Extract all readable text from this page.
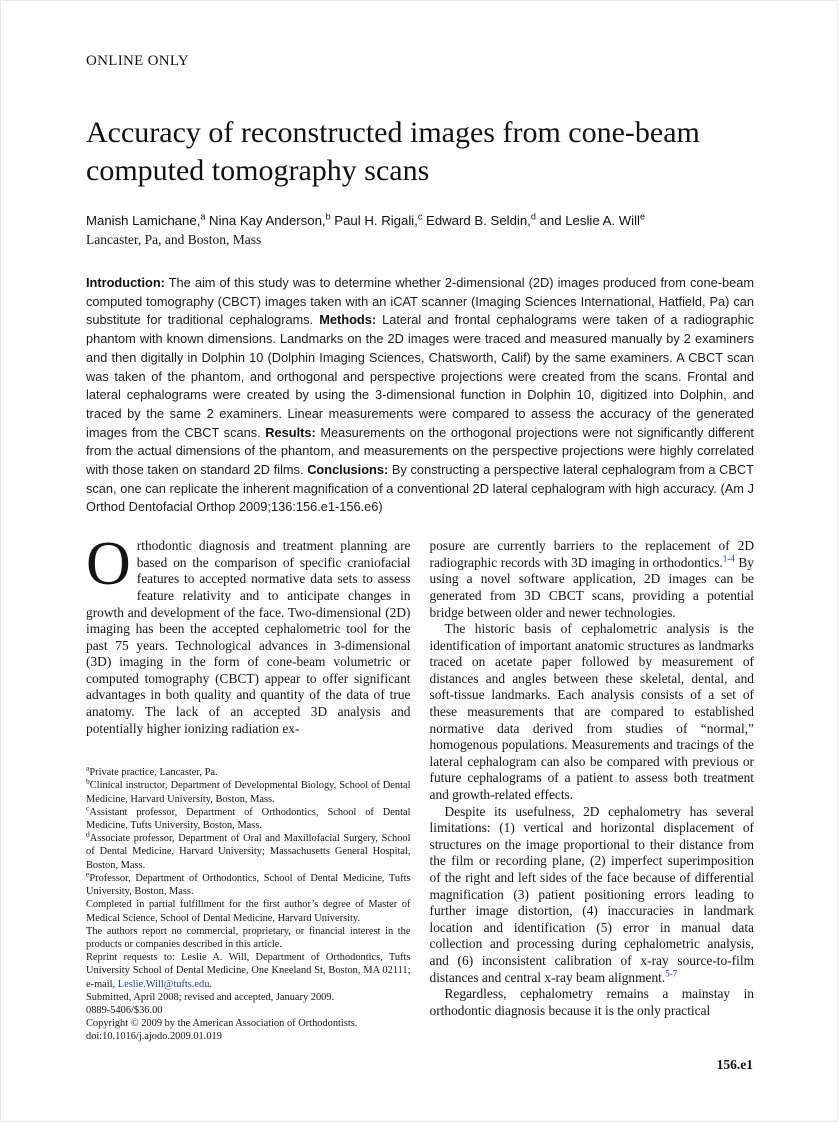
ONLINE ONLY
Accuracy of reconstructed images from cone-beam computed tomography scans

Manish Lamichane,$^a$ Nina Kay Anderson,$^b$ Paul H. Rigali,$^c$ Edward B. Seldin,$^d$ and Leslie A. Will$^e$

Lancaster, Pa, and Boston, Mass

Introduction: The aim of this study was to determine whether 2-dimensional (2D) images produced from cone-beam computed tomography (CBCT) images taken with an iCAT scanner (Imaging Sciences International, Hatfield, Pa) can substitute for traditional cephalograms. Methods: Lateral and frontal cephalograms were taken of a radiographic phantom with known dimensions. Landmarks on the 2D images were traced and measured manually by 2 examiners and then digitally in Dolphin 10 (Dolphin Imaging Sciences, Chatsworth, Calif) by the same examiners. A CBCT scan was taken of the phantom, and orthogonal and perspective projections were created from the scans. Frontal and lateral cephalograms were created by using the 3-dimensional function in Dolphin 10, digitized into Dolphin, and traced by the same 2 examiners. Linear measurements were compared to assess the accuracy of the generated images from the CBCT scans. Results: Measurements on the orthogonal projections were not significantly different from the actual dimensions of the phantom, and measurements on the perspective projections were highly correlated with those taken on standard 2D films. Conclusions: By constructing a perspective lateral cephalogram from a CBCT scan, one can replicate the inherent magnification of a conventional 2D lateral cephalogram with high accuracy. (Am J Orthod Dentofacial Orthop 2009;136:156.e1-156.e6)

Orthodontic diagnosis and treatment planning are based on the comparison of specific craniofacial features to accepted normative data sets to assess feature relativity and to anticipate changes in growth and development of the face. Two-dimensional (2D) imaging has been the accepted cephalometric tool for the past 75 years. Technological advances in 3-dimensional (3D) imaging in the form of cone-beam volumetric or computed tomography (CBCT) appear to offer significant advantages in both quality and quantity of the data of true anatomy. The lack of an accepted 3D analysis and potentially higher ionizing radiation ex-

$^a$Private practice, Lancaster, Pa.

$^b$Clinical instructor, Department of Developmental Biology, School of Dental Medicine, Harvard University, Boston, Mass.

$^c$Assistant professor, Department of Orthodontics, School of Dental Medicine, Tufts University, Boston, Mass.

$^d$Associate professor, Department of Oral and Maxillofacial Surgery, School of Dental Medicine, Harvard University; Massachusetts General Hospital, Boston, Mass.

$^e$Professor, Department of Orthodontics, School of Dental Medicine, Tufts University, Boston, Mass.

Completed in partial fulfillment for the first author’s degree of Master of Medical Science, School of Dental Medicine, Harvard University.

The authors report no commercial, proprietary, or financial interest in the products or companies described in this article.

Reprint requests to: Leslie A. Will, Department of Orthodontics, Tufts University School of Dental Medicine, One Kneeland St, Boston, MA 02111; e-mail, Leslie.Will@tufts.edu.

Submitted, April 2008; revised and accepted, January 2009.

0889-5406/$36.00

Copyright © 2009 by the American Association of Orthodontists.

doi:10.1016/j.ajodo.2009.01.019

posure are currently barriers to the replacement of 2D radiographic records with 3D imaging in orthodontics.$^{1-4}$ By using a novel software application, 2D images can be generated from 3D CBCT scans, providing a potential bridge between older and newer technologies.

The historic basis of cephalometric analysis is the identification of important anatomic structures as landmarks traced on acetate paper followed by measurement of distances and angles between these skeletal, dental, and soft-tissue landmarks. Each analysis consists of a set of these measurements that are compared to established normative data derived from studies of “normal,” homogenous populations. Measurements and tracings of the lateral cephalogram can also be compared with previous or future cephalograms of a patient to assess both treatment and growth-related effects.

Despite its usefulness, 2D cephalometry has several limitations: (1) vertical and horizontal displacement of structures on the image proportional to their distance from the film or recording plane, (2) imperfect superimposition of the right and left sides of the face because of differential magnification (3) patient positioning errors leading to further image distortion, (4) inaccuracies in landmark location and identification (5) error in manual data collection and processing during cephalometric analysis, and (6) inconsistent calibration of x-ray source-to-film distances and central x-ray beam alignment.$^{5-7}$

Regardless, cephalometry remains a mainstay in orthodontic diagnosis because it is the only practical

156.e1
